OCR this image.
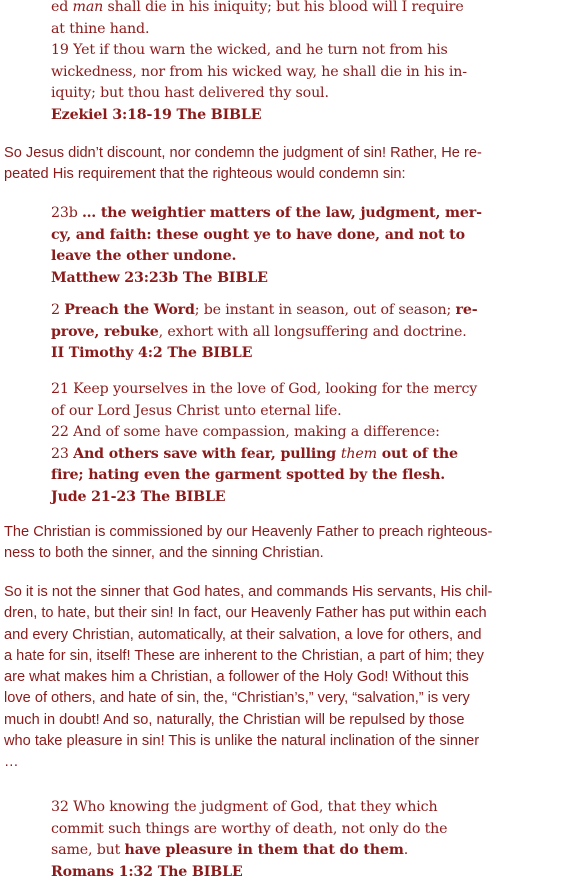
ed man shall die in his iniquity; but his blood will I require

at thine hand.

19 Yet if thou warn the wicked, and he turn not from his

wickedness, nor from his wicked way, he shall die in his in-

iquity; but thou hast delivered thy soul.

Ezekiel 3:18-19 The BIBLE

So Jesus didn’t discount, nor condemn the judgment of sin! Rather, He re-
peated His requirement that the righteous would condemn sin:

23b … the weightier matters of the law, judgment, mer-

cy, and faith: these ought ye to have done, and not to

leave the other undone.

Matthew 23:23b The BIBLE

2 Preach the Word; be instant in season, out of season; re-

prove, rebuke, exhort with all longsuffering and doctrine.

II Timothy 4:2 The BIBLE

21 Keep yourselves in the love of God, looking for the mercy

of our Lord Jesus Christ unto eternal life.

22 And of some have compassion, making a difference:

23 And others save with fear, pulling them out of the

fire; hating even the garment spotted by the flesh.

Jude 21-23 The BIBLE

The Christian is commissioned by our Heavenly Father to preach righteous-
ness to both the sinner, and the sinning Christian.
So it is not the sinner that God hates, and commands His servants, His chil-
dren, to hate, but their sin! In fact, our Heavenly Father has put within each
and every Christian, automatically, at their salvation, a love for others, and
a hate for sin, itself! These are inherent to the Christian, a part of him; they
are what makes him a Christian, a follower of the Holy God! Without this
love of others, and hate of sin, the, “Christian’s,” very, “salvation,” is very
much in doubt! And so, naturally, the Christian will be repulsed by those
who take pleasure in sin! This is unlike the natural inclination of the sinner
…

32 Who knowing the judgment of God, that they which

commit such things are worthy of death, not only do the

same, but have pleasure in them that do them.

Romans 1:32 The BIBLE
